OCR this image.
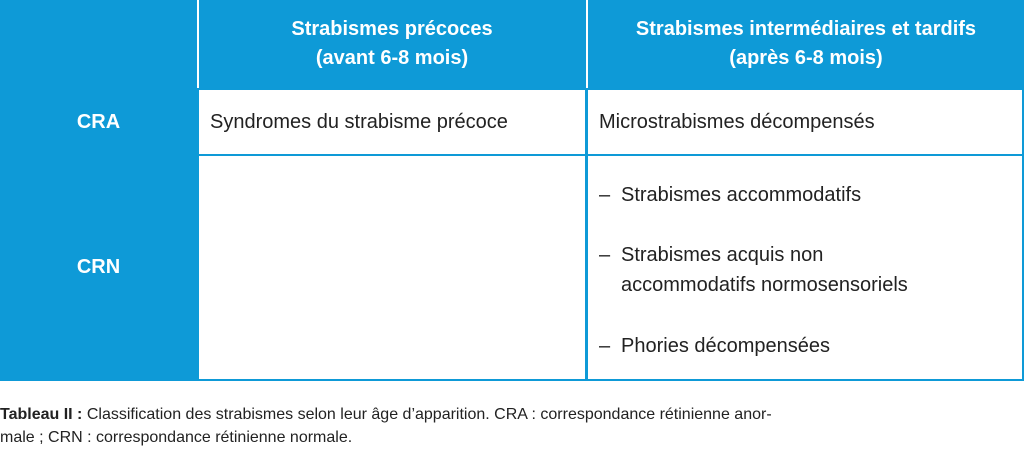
Strabismes précoces
(avant 6-8 mois)
Strabismes intermédiaires et tardifs
(après 6-8 mois)
CRA	Syndromes du strabisme précoce	Microstrabismes décompensés
CRN
– Strabismes accommodatifs
– Strabismes acquis non
accommodatifs normosensoriels
– Phories décompensées
Tableau II : Classification des strabismes selon leur âge d’apparition. CRA : correspondance rétinienne anor-
male ; CRN : correspondance rétinienne normale.
